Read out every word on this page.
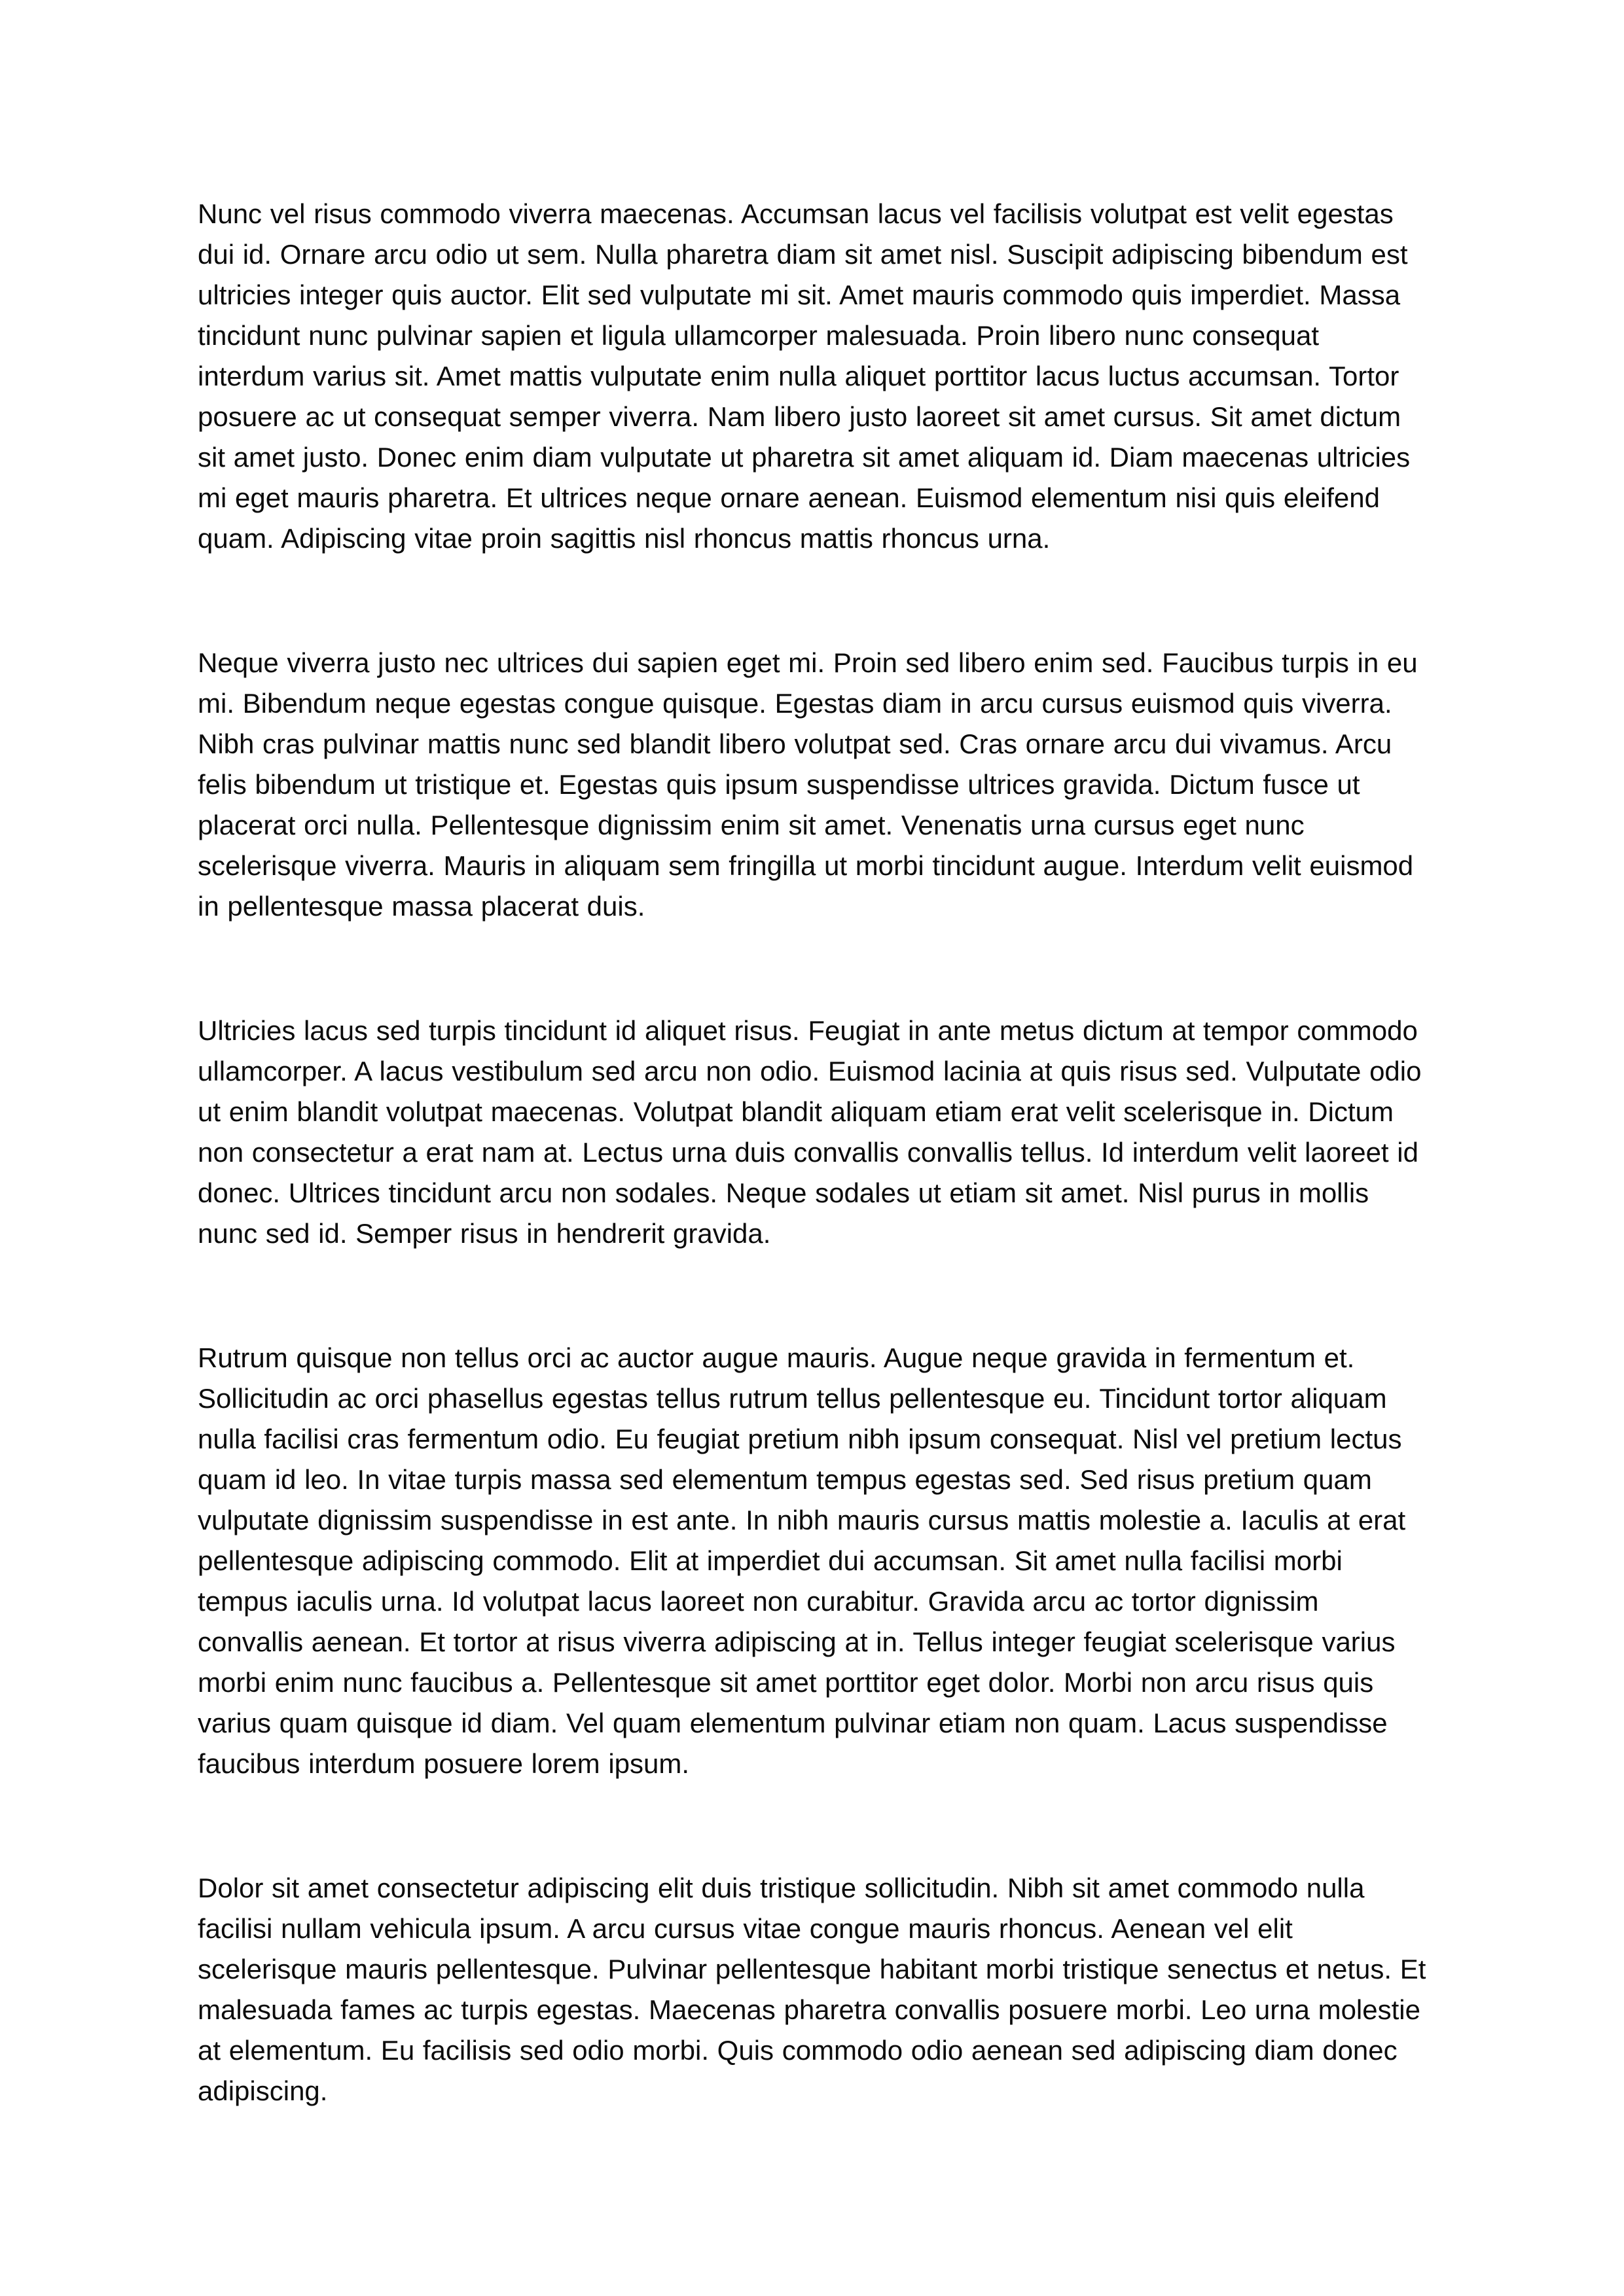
Nunc vel risus commodo viverra maecenas. Accumsan lacus vel facilisis volutpat est velit egestas dui id. Ornare arcu odio ut sem. Nulla pharetra diam sit amet nisl. Suscipit adipiscing bibendum est ultricies integer quis auctor. Elit sed vulputate mi sit. Amet mauris commodo quis imperdiet. Massa tincidunt nunc pulvinar sapien et ligula ullamcorper malesuada. Proin libero nunc consequat interdum varius sit. Amet mattis vulputate enim nulla aliquet porttitor lacus luctus accumsan. Tortor posuere ac ut consequat semper viverra. Nam libero justo laoreet sit amet cursus. Sit amet dictum sit amet justo. Donec enim diam vulputate ut pharetra sit amet aliquam id. Diam maecenas ultricies mi eget mauris pharetra. Et ultrices neque ornare aenean. Euismod elementum nisi quis eleifend quam. Adipiscing vitae proin sagittis nisl rhoncus mattis rhoncus urna.

Neque viverra justo nec ultrices dui sapien eget mi. Proin sed libero enim sed. Faucibus turpis in eu mi. Bibendum neque egestas congue quisque. Egestas diam in arcu cursus euismod quis viverra. Nibh cras pulvinar mattis nunc sed blandit libero volutpat sed. Cras ornare arcu dui vivamus. Arcu felis bibendum ut tristique et. Egestas quis ipsum suspendisse ultrices gravida. Dictum fusce ut placerat orci nulla. Pellentesque dignissim enim sit amet. Venenatis urna cursus eget nunc scelerisque viverra. Mauris in aliquam sem fringilla ut morbi tincidunt augue. Interdum velit euismod in pellentesque massa placerat duis.

Ultricies lacus sed turpis tincidunt id aliquet risus. Feugiat in ante metus dictum at tempor commodo ullamcorper. A lacus vestibulum sed arcu non odio. Euismod lacinia at quis risus sed. Vulputate odio ut enim blandit volutpat maecenas. Volutpat blandit aliquam etiam erat velit scelerisque in. Dictum non consectetur a erat nam at. Lectus urna duis convallis convallis tellus. Id interdum velit laoreet id donec. Ultrices tincidunt arcu non sodales. Neque sodales ut etiam sit amet. Nisl purus in mollis nunc sed id. Semper risus in hendrerit gravida.

Rutrum quisque non tellus orci ac auctor augue mauris. Augue neque gravida in fermentum et. Sollicitudin ac orci phasellus egestas tellus rutrum tellus pellentesque eu. Tincidunt tortor aliquam nulla facilisi cras fermentum odio. Eu feugiat pretium nibh ipsum consequat. Nisl vel pretium lectus quam id leo. In vitae turpis massa sed elementum tempus egestas sed. Sed risus pretium quam vulputate dignissim suspendisse in est ante. In nibh mauris cursus mattis molestie a. Iaculis at erat pellentesque adipiscing commodo. Elit at imperdiet dui accumsan. Sit amet nulla facilisi morbi tempus iaculis urna. Id volutpat lacus laoreet non curabitur. Gravida arcu ac tortor dignissim convallis aenean. Et tortor at risus viverra adipiscing at in. Tellus integer feugiat scelerisque varius morbi enim nunc faucibus a. Pellentesque sit amet porttitor eget dolor. Morbi non arcu risus quis varius quam quisque id diam. Vel quam elementum pulvinar etiam non quam. Lacus suspendisse faucibus interdum posuere lorem ipsum.

Dolor sit amet consectetur adipiscing elit duis tristique sollicitudin. Nibh sit amet commodo nulla facilisi nullam vehicula ipsum. A arcu cursus vitae congue mauris rhoncus. Aenean vel elit scelerisque mauris pellentesque. Pulvinar pellentesque habitant morbi tristique senectus et netus. Et malesuada fames ac turpis egestas. Maecenas pharetra convallis posuere morbi. Leo urna molestie at elementum. Eu facilisis sed odio morbi. Quis commodo odio aenean sed adipiscing diam donec adipiscing.
